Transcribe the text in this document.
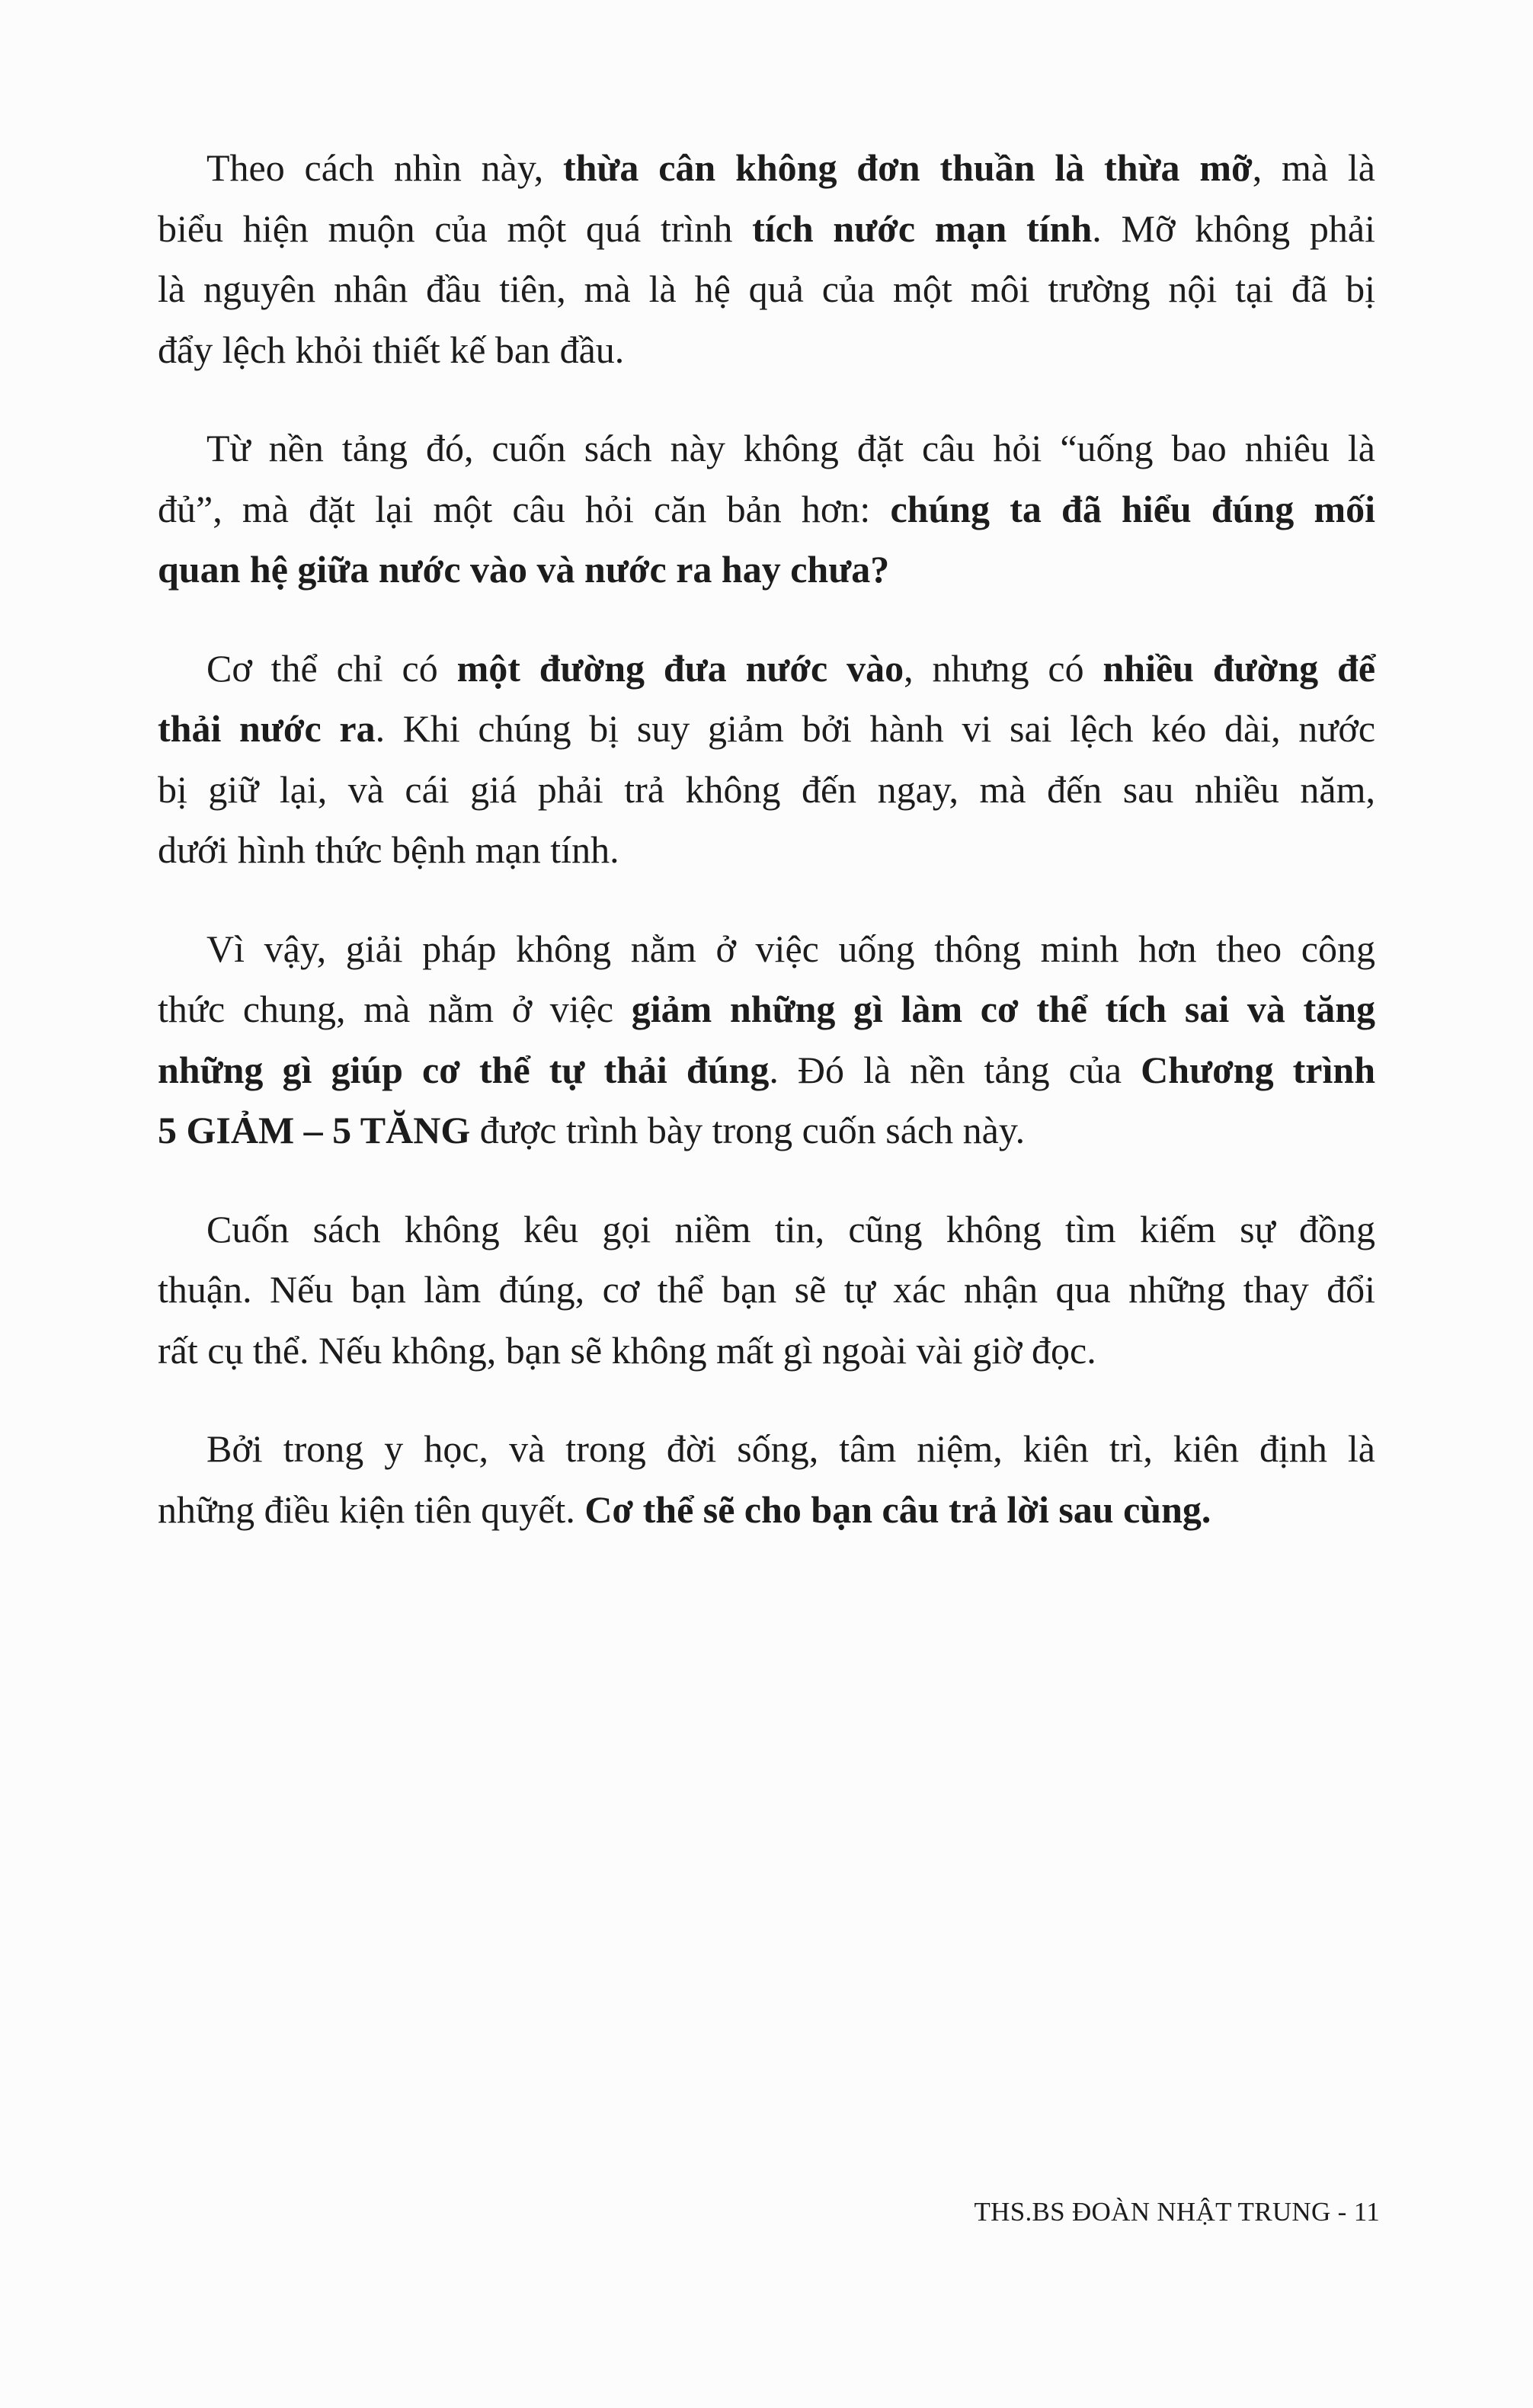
Theo cách nhìn này, thừa cân không đơn thuần là thừa mỡ, mà là
biểu hiện muộn của một quá trình tích nước mạn tính. Mỡ không phải
là nguyên nhân đầu tiên, mà là hệ quả của một môi trường nội tại đã bị
đẩy lệch khỏi thiết kế ban đầu.
Từ nền tảng đó, cuốn sách này không đặt câu hỏi “uống bao nhiêu là
đủ”, mà đặt lại một câu hỏi căn bản hơn: chúng ta đã hiểu đúng mối
quan hệ giữa nước vào và nước ra hay chưa?
Cơ thể chỉ có một đường đưa nước vào, nhưng có nhiều đường để
thải nước ra. Khi chúng bị suy giảm bởi hành vi sai lệch kéo dài, nước
bị giữ lại, và cái giá phải trả không đến ngay, mà đến sau nhiều năm,
dưới hình thức bệnh mạn tính.
Vì vậy, giải pháp không nằm ở việc uống thông minh hơn theo công
thức chung, mà nằm ở việc giảm những gì làm cơ thể tích sai và tăng
những gì giúp cơ thể tự thải đúng. Đó là nền tảng của Chương trình
5 GIẢM – 5 TĂNG được trình bày trong cuốn sách này.
Cuốn sách không kêu gọi niềm tin, cũng không tìm kiếm sự đồng
thuận. Nếu bạn làm đúng, cơ thể bạn sẽ tự xác nhận qua những thay đổi
rất cụ thể. Nếu không, bạn sẽ không mất gì ngoài vài giờ đọc.
Bởi trong y học, và trong đời sống, tâm niệm, kiên trì, kiên định là
những điều kiện tiên quyết. Cơ thể sẽ cho bạn câu trả lời sau cùng.
THS.BS ĐOÀN NHẬT TRUNG - 11
